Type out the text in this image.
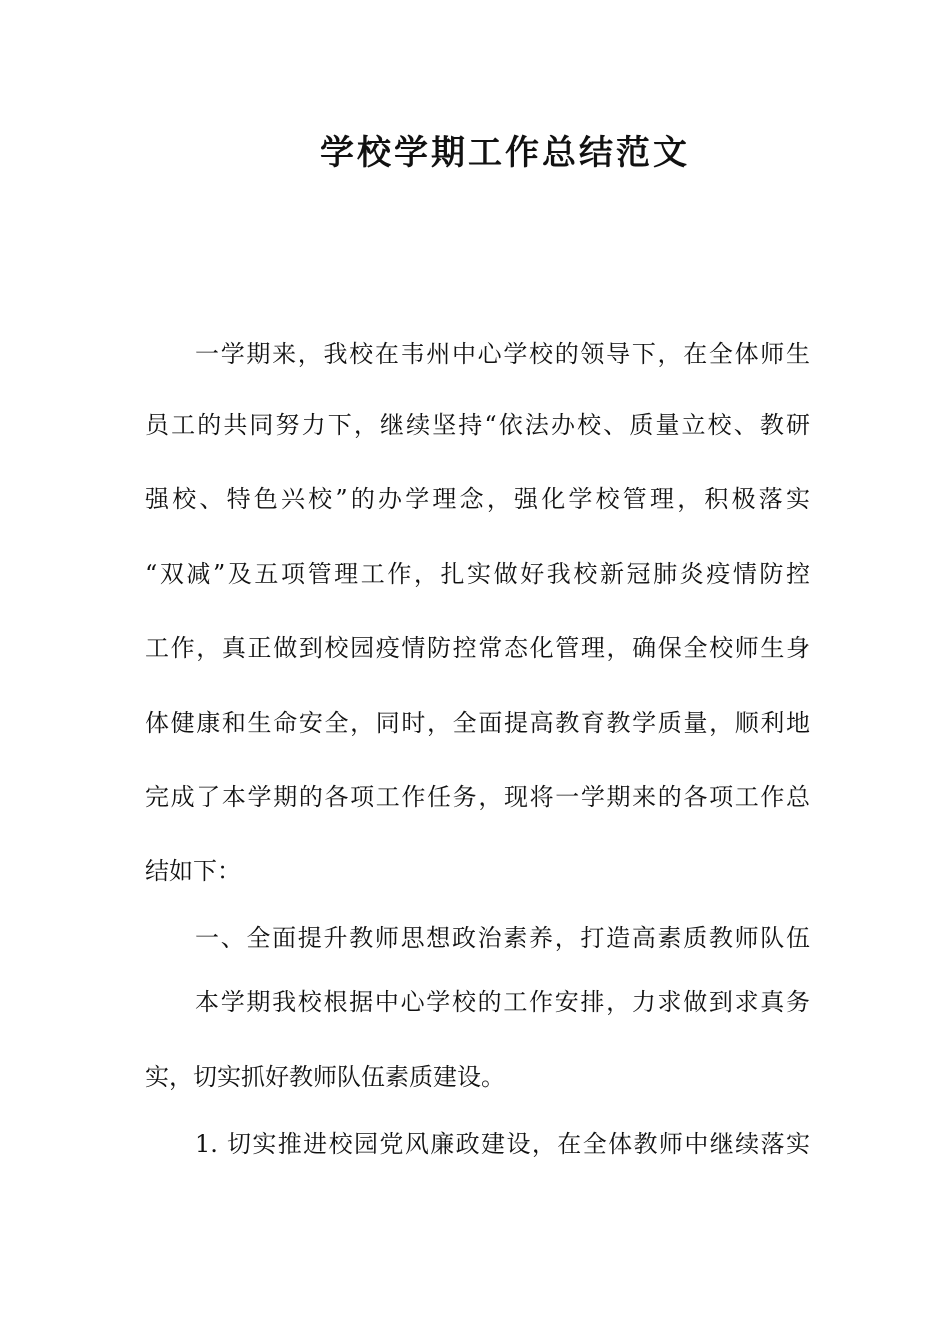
学校学期工作总结范文
一学期来，我校在韦州中心学校的领导下，在全体师生
员工的共同努力下，继续坚持“依法办校、质量立校、教研
强校、特色兴校”的办学理念，强化学校管理，积极落实
“双减”及五项管理工作，扎实做好我校新冠肺炎疫情防控
工作，真正做到校园疫情防控常态化管理，确保全校师生身
体健康和生命安全，同时，全面提高教育教学质量，顺利地
完成了本学期的各项工作任务，现将一学期来的各项工作总
结如下：
一、全面提升教师思想政治素养，打造高素质教师队伍
本学期我校根据中心学校的工作安排，力求做到求真务
实，切实抓好教师队伍素质建设。
1. 切实推进校园党风廉政建设，在全体教师中继续落实
